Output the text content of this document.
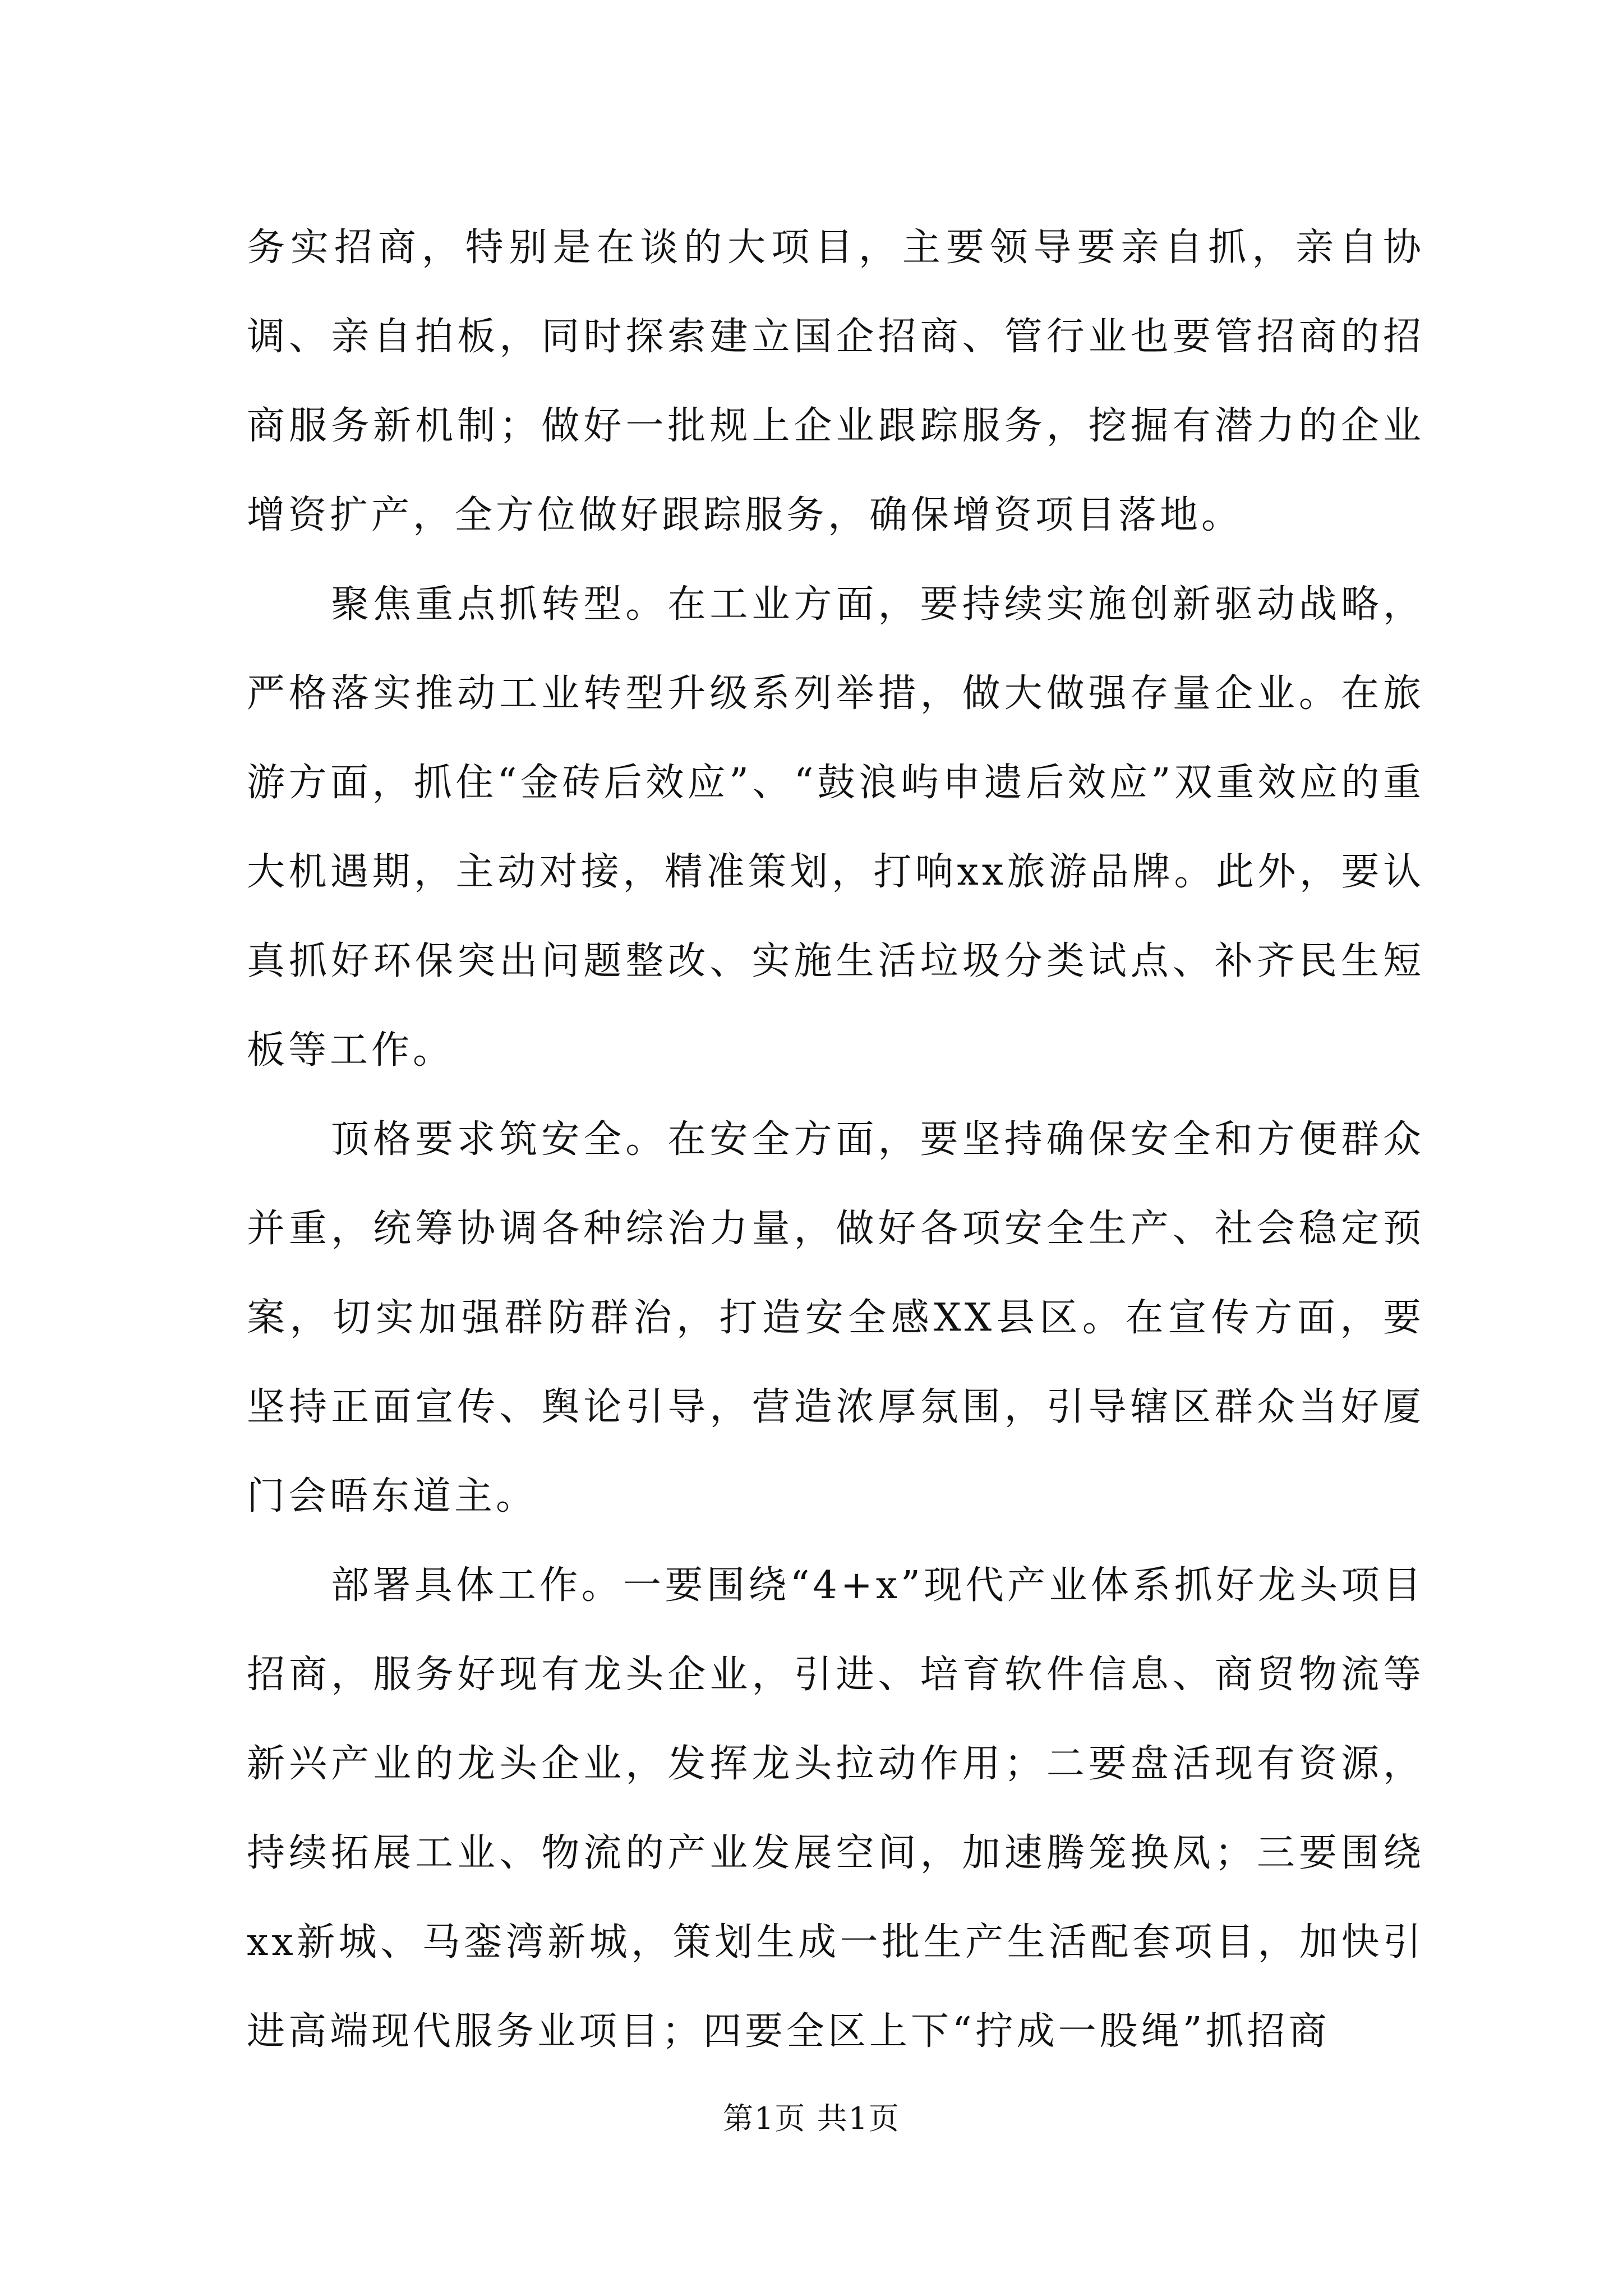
务实招商，特别是在谈的大项目，主要领导要亲自抓，亲自协调、亲自拍板，同时探索建立国企招商、管行业也要管招商的招商服务新机制；做好一批规上企业跟踪服务，挖掘有潜力的企业增资扩产，全方位做好跟踪服务，确保增资项目落地。

聚焦重点抓转型。在工业方面，要持续实施创新驱动战略，严格落实推动工业转型升级系列举措，做大做强存量企业。在旅游方面，抓住“金砖后效应”、“鼓浪屿申遗后效应”双重效应的重大机遇期，主动对接，精准策划，打响xx旅游品牌。此外，要认真抓好环保突出问题整改、实施生活垃圾分类试点、补齐民生短板等工作。

顶格要求筑安全。在安全方面，要坚持确保安全和方便群众并重，统筹协调各种综治力量，做好各项安全生产、社会稳定预案，切实加强群防群治，打造安全感XX县区。在宣传方面，要坚持正面宣传、舆论引导，营造浓厚氛围，引导辖区群众当好厦门会晤东道主。

部署具体工作。一要围绕“4+x”现代产业体系抓好龙头项目招商，服务好现有龙头企业，引进、培育软件信息、商贸物流等新兴产业的龙头企业，发挥龙头拉动作用；二要盘活现有资源，持续拓展工业、物流的产业发展空间，加速腾笼换凤；三要围绕xx新城、马銮湾新城，策划生成一批生产生活配套项目，加快引进高端现代服务业项目；四要全区上下“拧成一股绳”抓招商

第1页 共1页
